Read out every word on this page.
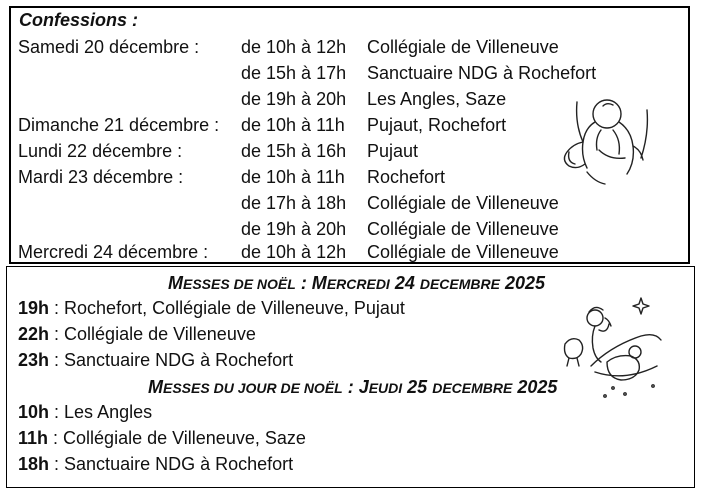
Confessions :
Samedi 20 décembre : de 10h à 12h Collégiale de Villeneuve
de 15h à 17h Sanctuaire NDG à Rochefort
de 19h à 20h Les Angles, Saze
Dimanche 21 décembre : de 10h à 11h Pujaut, Rochefort
Lundi 22 décembre :	de 15h à 16h Pujaut
Mardi 23 décembre :	de 10h à 11h Rochefort
de 17h à 18h Collégiale de Villeneuve
de 19h à 20h Collégiale de Villeneuve
Mercredi 24 décembre : de 10h à 12h Collégiale de Villeneuve
MESSES DE NOËL : MERCREDI 24 DECEMBRE 2025
19h : Rochefort, Collégiale de Villeneuve, Pujaut
22h : Collégiale de Villeneuve
23h : Sanctuaire NDG à Rochefort
MESSES DU JOUR DE NOËL : JEUDI 25 DECEMBRE 2025
10h : Les Angles
11h : Collégiale de Villeneuve, Saze
18h : Sanctuaire NDG à Rochefort
